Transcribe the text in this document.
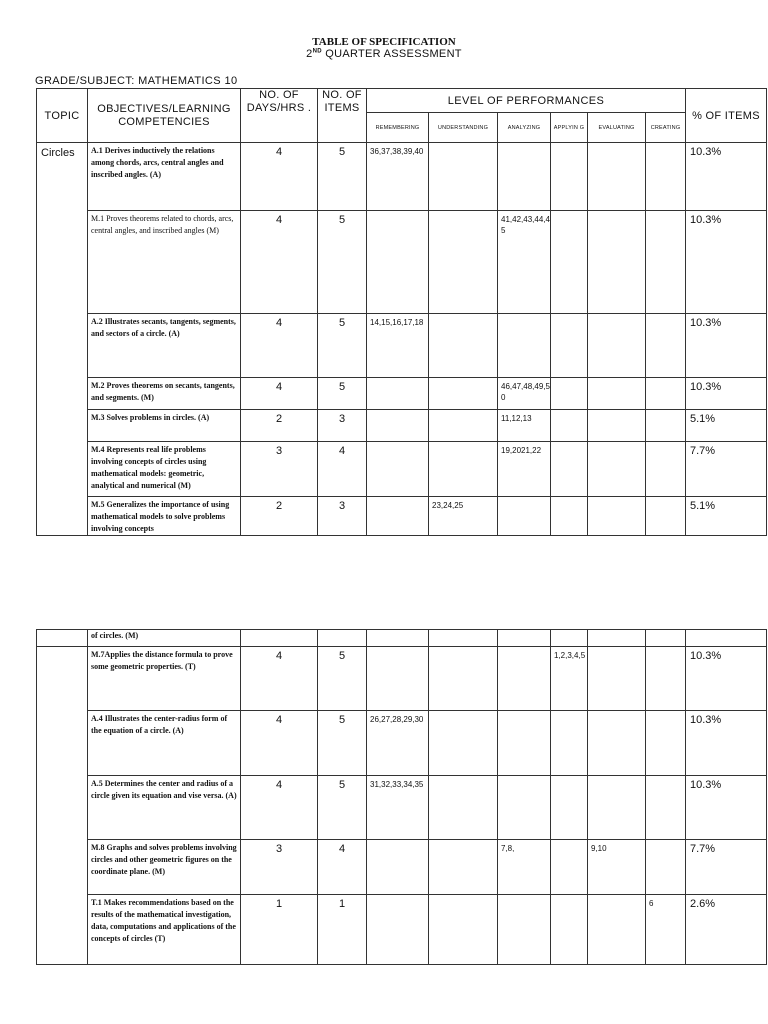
TABLE OF SPECIFICATION
2ND QUARTER ASSESSMENT
GRADE/SUBJECT: MATHEMATICS 10
TOPIC	OBJECTIVES/LEARNING COMPETENCIES	NO. OF DAYS/HRS .	NO. OF ITEMS	LEVEL OF PERFORMANCES						% OF ITEMS
				REMEMBERING	UNDERSTANDING	ANALYZING	APPLYIN G	EVALUATING	CREATING	
Circles	A.1 Derives inductively the relations among chords, arcs, central angles and inscribed angles. (A)	4	5	36,37,38,39,40						10.3%
	M.1 Proves theorems related to chords, arcs, central angles, and inscribed angles (M)	4	5			41,42,43,44,45				10.3%
	A.2 Illustrates secants, tangents, segments, and sectors of a circle. (A)	4	5	14,15,16,17,18						10.3%
	M.2 Proves theorems on secants, tangents, and segments. (M)	4	5			46,47,48,49,50				10.3%
	M.3 Solves problems in circles. (A)	2	3			11,12,13				5.1%
	M.4 Represents real life problems involving concepts of circles using mathematical models: geometric, analytical and numerical (M)	3	4			19,2021,22				7.7%
	M.5 Generalizes the importance of using mathematical models to solve problems involving concepts	2	3		23,24,25					5.1%
	of circles. (M)									
	M.7Applies the distance formula to prove some geometric properties. (T)	4	5				1,2,3,4,5			10.3%
	A.4 Illustrates the center-radius form of the equation of a circle. (A)	4	5	26,27,28,29,30						10.3%
	A.5 Determines the center and radius of a circle given its equation and vise versa. (A)	4	5	31,32,33,34,35						10.3%
	M.8 Graphs and solves problems involving circles and other geometric figures on the coordinate plane. (M)	3	4			7,8,		9,10		7.7%
	T.1 Makes recommendations based on the results of the mathematical investigation, data, computations and applications of the concepts of circles (T)	1	1						6	2.6%
